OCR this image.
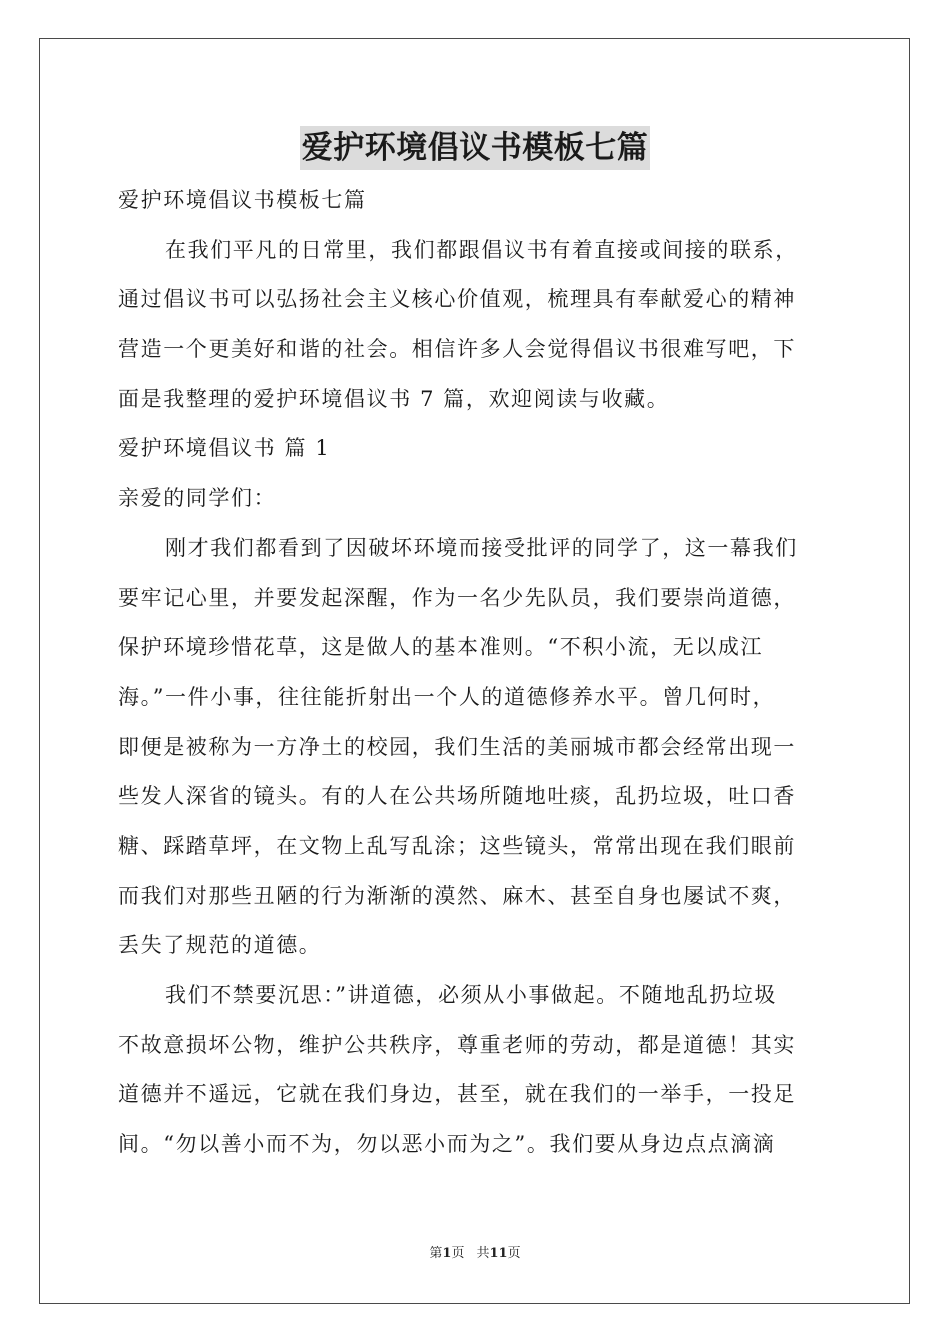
爱护环境倡议书模板七篇
爱护环境倡议书模板七篇
在我们平凡的日常里，我们都跟倡议书有着直接或间接的联系，
通过倡议书可以弘扬社会主义核心价值观，梳理具有奉献爱心的精神
营造一个更美好和谐的社会。相信许多人会觉得倡议书很难写吧，下
面是我整理的爱护环境倡议书 7 篇，欢迎阅读与收藏。
爱护环境倡议书 篇 1
亲爱的同学们：
刚才我们都看到了因破坏环境而接受批评的同学了，这一幕我们
要牢记心里，并要发起深醒，作为一名少先队员，我们要崇尚道德，
保护环境珍惜花草，这是做人的基本准则。“不积小流，无以成江
海。”一件小事，往往能折射出一个人的道德修养水平。曾几何时，
即便是被称为一方净土的校园，我们生活的美丽城市都会经常出现一
些发人深省的镜头。有的人在公共场所随地吐痰，乱扔垃圾，吐口香
糖、踩踏草坪，在文物上乱写乱涂；这些镜头，常常出现在我们眼前
而我们对那些丑陋的行为渐渐的漠然、麻木、甚至自身也屡试不爽，
丢失了规范的道德。
我们不禁要沉思：”讲道德，必须从小事做起。不随地乱扔垃圾
不故意损坏公物，维护公共秩序，尊重老师的劳动，都是道德！其实
道德并不遥远，它就在我们身边，甚至，就在我们的一举手，一投足
间。“勿以善小而不为，勿以恶小而为之”。我们要从身边点点滴滴
第1页 共11页
